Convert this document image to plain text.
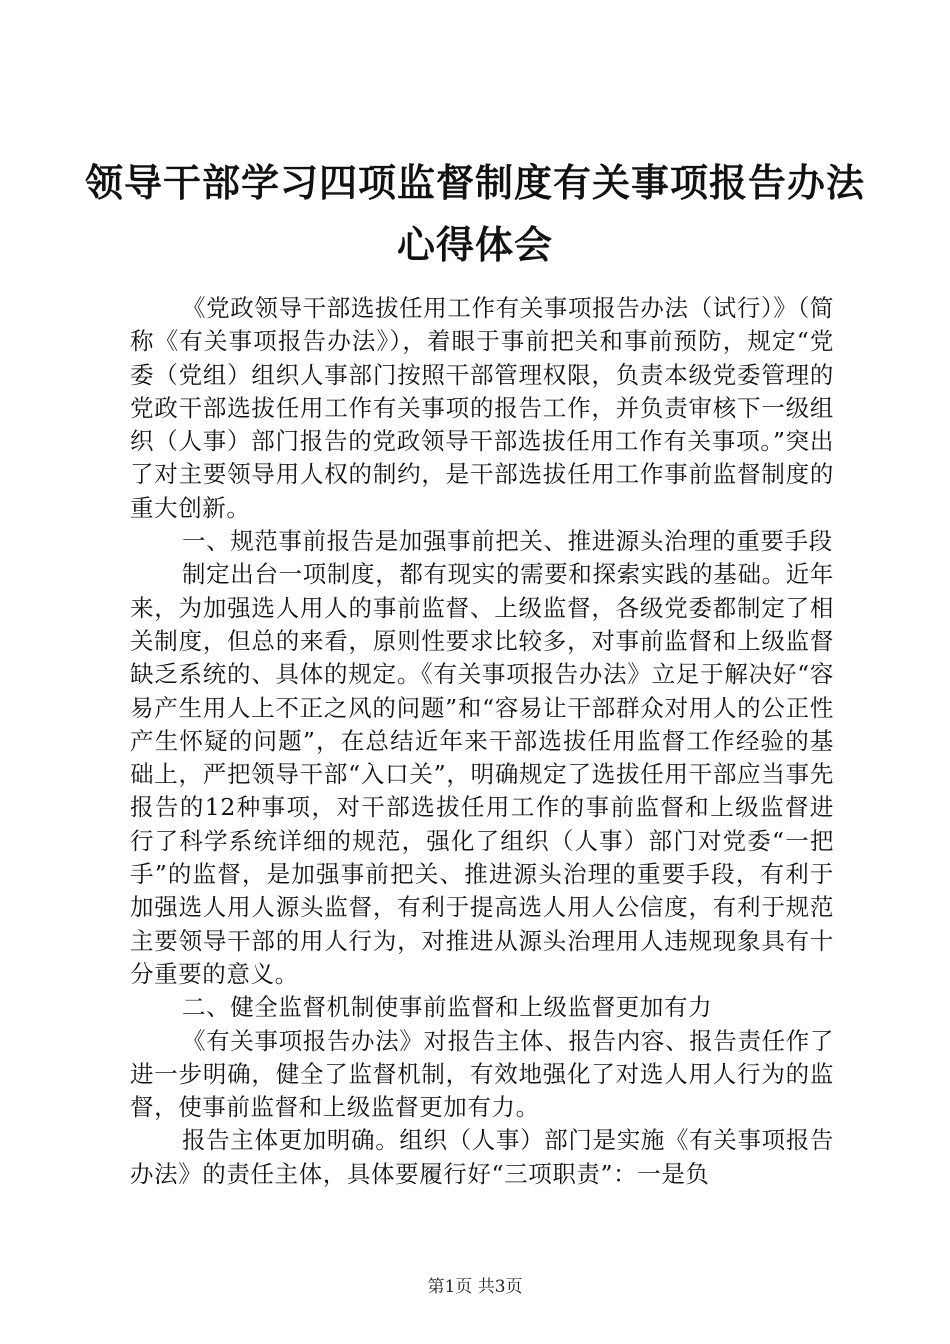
领导干部学习四项监督制度有关事项报告办法
心得体会

《党政领导干部选拔任用工作有关事项报告办法（试行）》（简称《有关事项报告办法》），着眼于事前把关和事前预防，规定“党委（党组）组织人事部门按照干部管理权限，负责本级党委管理的党政干部选拔任用工作有关事项的报告工作，并负责审核下一级组织（人事）部门报告的党政领导干部选拔任用工作有关事项。”突出了对主要领导用人权的制约，是干部选拔任用工作事前监督制度的重大创新。

一、规范事前报告是加强事前把关、推进源头治理的重要手段

制定出台一项制度，都有现实的需要和探索实践的基础。近年来，为加强选人用人的事前监督、上级监督，各级党委都制定了相关制度，但总的来看，原则性要求比较多，对事前监督和上级监督缺乏系统的、具体的规定。《有关事项报告办法》立足于解决好“容易产生用人上不正之风的问题”和“容易让干部群众对用人的公正性产生怀疑的问题”，在总结近年来干部选拔任用监督工作经验的基础上，严把领导干部“入口关”，明确规定了选拔任用干部应当事先报告的12种事项，对干部选拔任用工作的事前监督和上级监督进行了科学系统详细的规范，强化了组织（人事）部门对党委“一把手”的监督，是加强事前把关、推进源头治理的重要手段，有利于加强选人用人源头监督，有利于提高选人用人公信度，有利于规范主要领导干部的用人行为，对推进从源头治理用人违规现象具有十分重要的意义。

二、健全监督机制使事前监督和上级监督更加有力

《有关事项报告办法》对报告主体、报告内容、报告责任作了进一步明确，健全了监督机制，有效地强化了对选人用人行为的监督，使事前监督和上级监督更加有力。

报告主体更加明确。组织（人事）部门是实施《有关事项报告办法》的责任主体，具体要履行好“三项职责”：一是负

第1页 共3页
